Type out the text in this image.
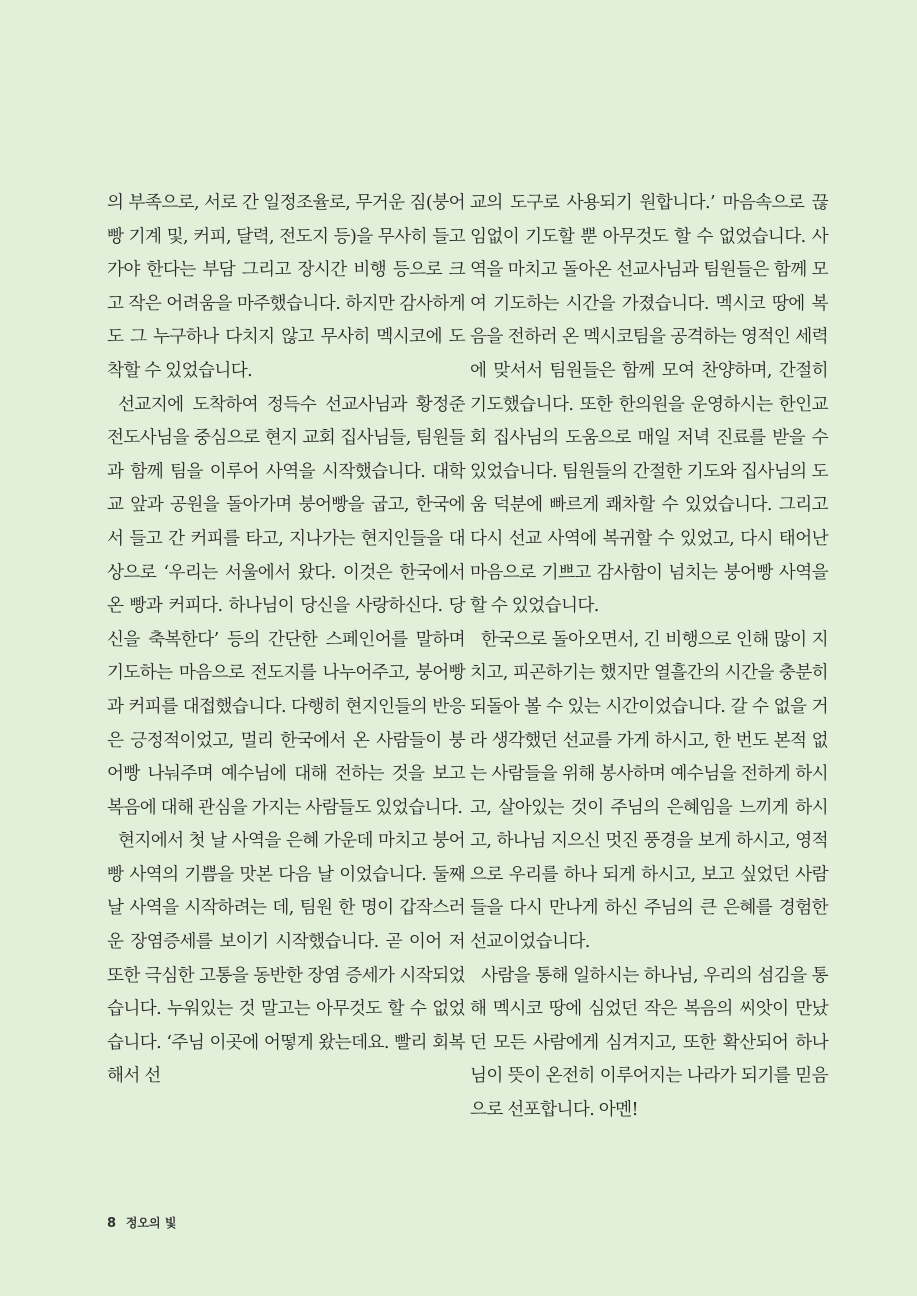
의 부족으로, 서로 간 일정조율로, 무거운 짐(붕어빵 기계 및, 커피, 달력, 전도지 등)을 무사히 들고 가야 한다는 부담 그리고 장시간 비행 등으로 크고 작은 어려움을 마주했습니다. 하지만 감사하게도 그 누구하나 다치지 않고 무사히 멕시코에 도착할 수 있었습니다.

선교지에 도착하여 정득수 선교사님과 황정준 전도사님을 중심으로 현지 교회 집사님들, 팀원들과 함께 팀을 이루어 사역을 시작했습니다. 대학교 앞과 공원을 돌아가며 붕어빵을 굽고, 한국에서 들고 간 커피를 타고, 지나가는 현지인들을 대상으로 ‘우리는 서울에서 왔다. 이것은 한국에서 온 빵과 커피다. 하나님이 당신을 사랑하신다. 당신을 축복한다’ 등의 간단한 스페인어를 말하며 기도하는 마음으로 전도지를 나누어주고, 붕어빵과 커피를 대접했습니다. 다행히 현지인들의 반응은 긍정적이었고, 멀리 한국에서 온 사람들이 붕어빵 나눠주며 예수님에 대해 전하는 것을 보고 복음에 대해 관심을 가지는 사람들도 있었습니다.

현지에서 첫 날 사역을 은혜 가운데 마치고 붕어빵 사역의 기쁨을 맛본 다음 날 이었습니다. 둘째 날 사역을 시작하려는 데, 팀원 한 명이 갑작스러운 장염증세를 보이기 시작했습니다. 곧 이어 저 또한 극심한 고통을 동반한 장염 증세가 시작되었습니다. 누워있는 것 말고는 아무것도 할 수 없었습니다. ‘주님 이곳에 어떻게 왔는데요. 빨리 회복해서 선

교의 도구로 사용되기 원합니다.’ 마음속으로 끊임없이 기도할 뿐 아무것도 할 수 없었습니다. 사역을 마치고 돌아온 선교사님과 팀원들은 함께 모여 기도하는 시간을 가졌습니다. 멕시코 땅에 복음을 전하러 온 멕시코팀을 공격하는 영적인 세력에 맞서서 팀원들은 함께 모여 찬양하며, 간절히 기도했습니다. 또한 한의원을 운영하시는 한인교회 집사님의 도움으로 매일 저녁 진료를 받을 수 있었습니다. 팀원들의 간절한 기도와 집사님의 도움 덕분에 빠르게 쾌차할 수 있었습니다. 그리고 다시 선교 사역에 복귀할 수 있었고, 다시 태어난 마음으로 기쁘고 감사함이 넘치는 붕어빵 사역을 할 수 있었습니다.

한국으로 돌아오면서, 긴 비행으로 인해 많이 지치고, 피곤하기는 했지만 열흘간의 시간을 충분히 되돌아 볼 수 있는 시간이었습니다. 갈 수 없을 거라 생각했던 선교를 가게 하시고, 한 번도 본적 없는 사람들을 위해 봉사하며 예수님을 전하게 하시고, 살아있는 것이 주님의 은혜임을 느끼게 하시고, 하나님 지으신 멋진 풍경을 보게 하시고, 영적으로 우리를 하나 되게 하시고, 보고 싶었던 사람들을 다시 만나게 하신 주님의 큰 은혜를 경험한 선교이었습니다.

사람을 통해 일하시는 하나님, 우리의 섬김을 통해 멕시코 땅에 심었던 작은 복음의 씨앗이 만났던 모든 사람에게 심겨지고, 또한 확산되어 하나님이 뜻이 온전히 이루어지는 나라가 되기를 믿음으로 선포합니다. 아멘!

8 정오의 빛
